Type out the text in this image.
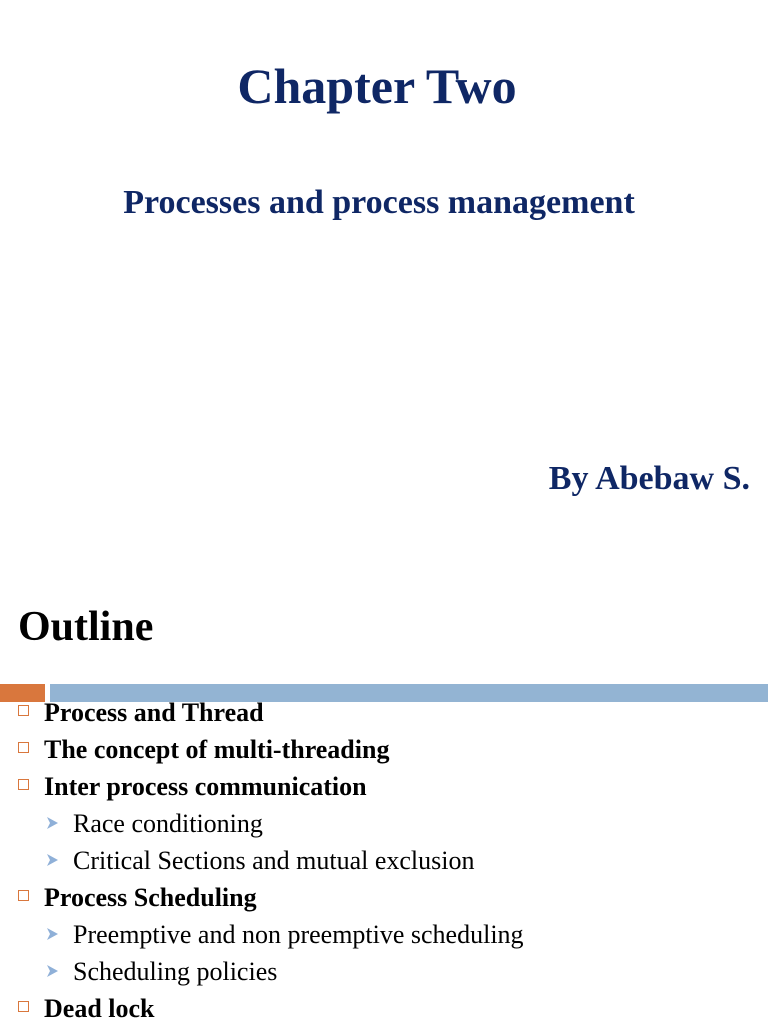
Chapter Two
Processes and process management
By Abebaw S.
Outline
Process and Thread
The concept of multi-threading
Inter process communication
Race conditioning
Critical Sections and mutual exclusion
Process Scheduling
Preemptive and non preemptive scheduling
Scheduling policies
Dead lock
